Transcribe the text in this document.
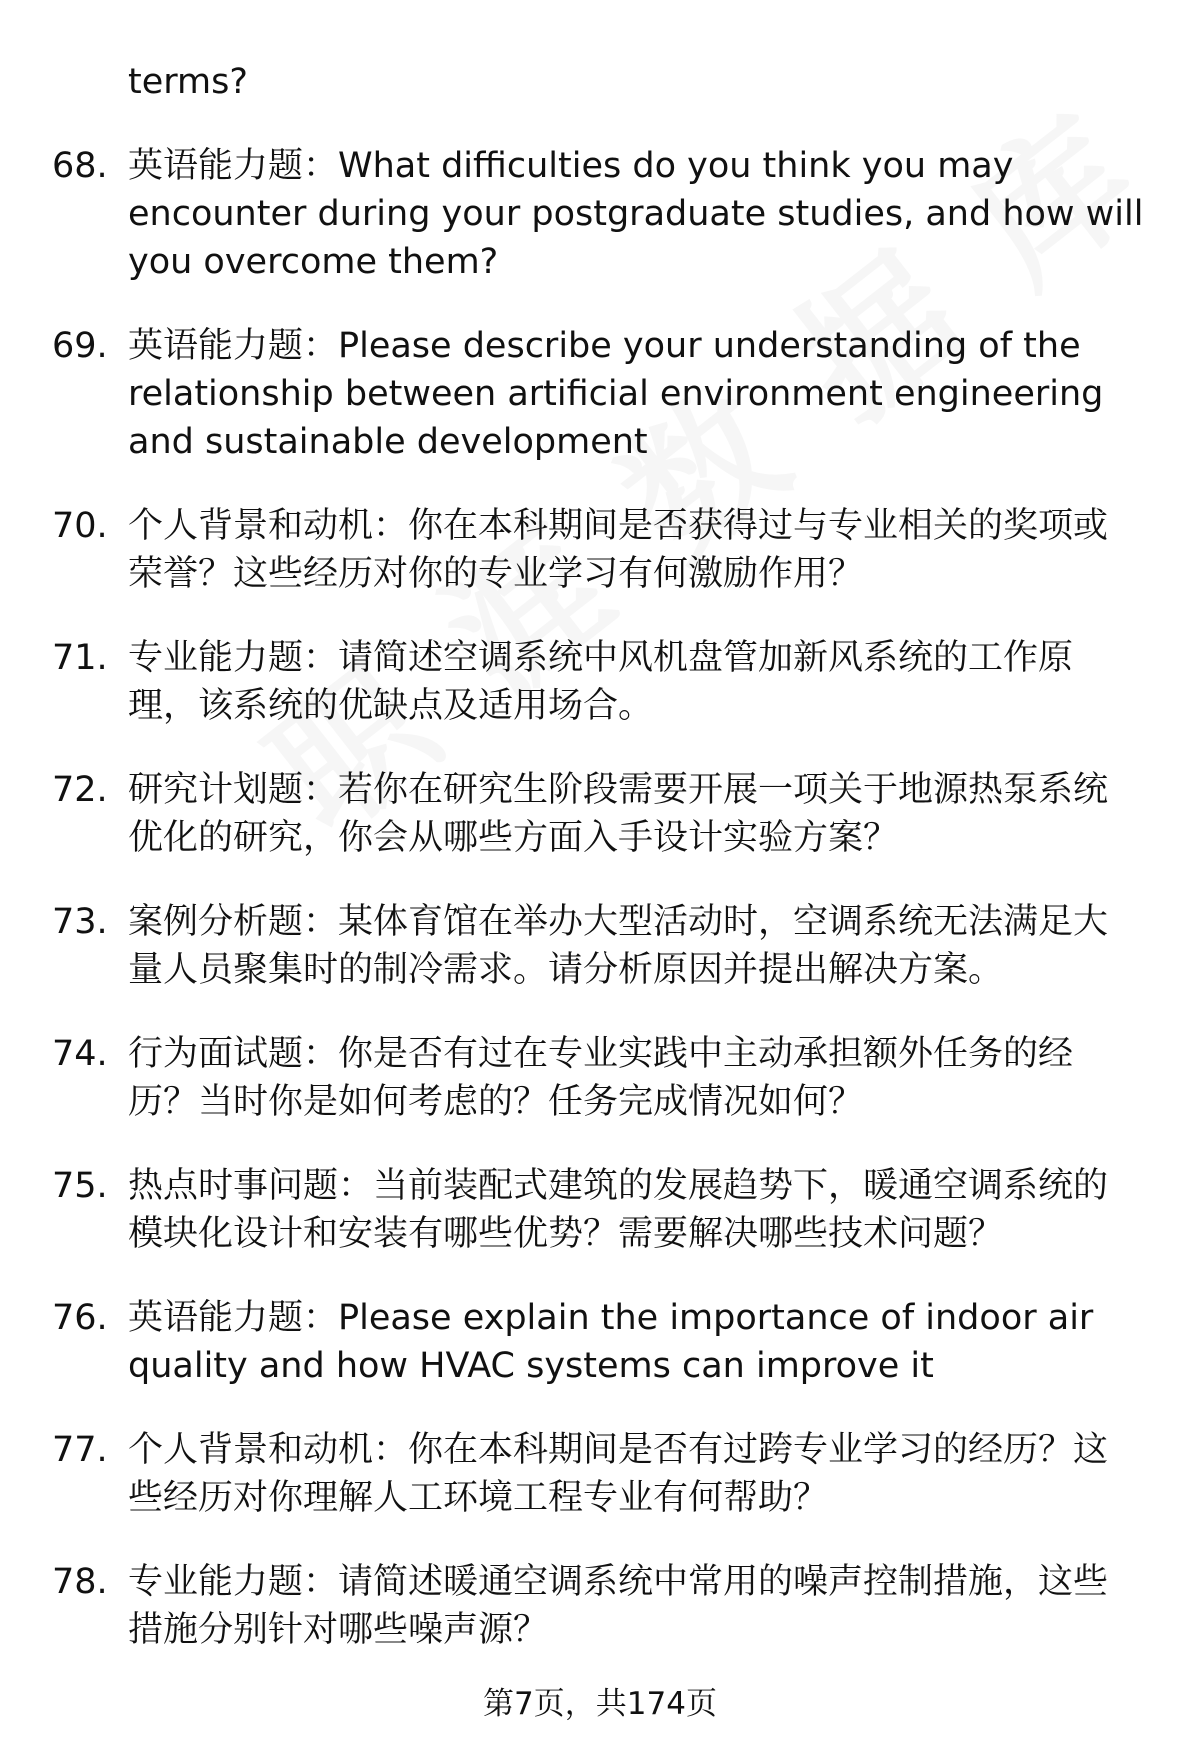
terms?
68. 英语能力题：What difficulties do you think you may
encounter during your postgraduate studies, and how will
you overcome them?
69. 英语能力题：Please describe your understanding of the
relationship between artificial environment engineering
and sustainable development
70. 个人背景和动机：你在本科期间是否获得过与专业相关的奖项或
荣誉？这些经历对你的专业学习有何激励作用？
71. 专业能力题：请简述空调系统中风机盘管加新风系统的工作原
理，该系统的优缺点及适用场合。
72. 研究计划题：若你在研究生阶段需要开展一项关于地源热泵系统
优化的研究，你会从哪些方面入手设计实验方案？
73. 案例分析题：某体育馆在举办大型活动时，空调系统无法满足大
量人员聚集时的制冷需求。请分析原因并提出解决方案。
74. 行为面试题：你是否有过在专业实践中主动承担额外任务的经
历？当时你是如何考虑的？任务完成情况如何？
75. 热点时事问题：当前装配式建筑的发展趋势下，暖通空调系统的
模块化设计和安装有哪些优势？需要解决哪些技术问题？
76. 英语能力题：Please explain the importance of indoor air
quality and how HVAC systems can improve it
77. 个人背景和动机：你在本科期间是否有过跨专业学习的经历？这
些经历对你理解人工环境工程专业有何帮助？
78. 专业能力题：请简述暖通空调系统中常用的噪声控制措施，这些
措施分别针对哪些噪声源？
第7页，共174页
